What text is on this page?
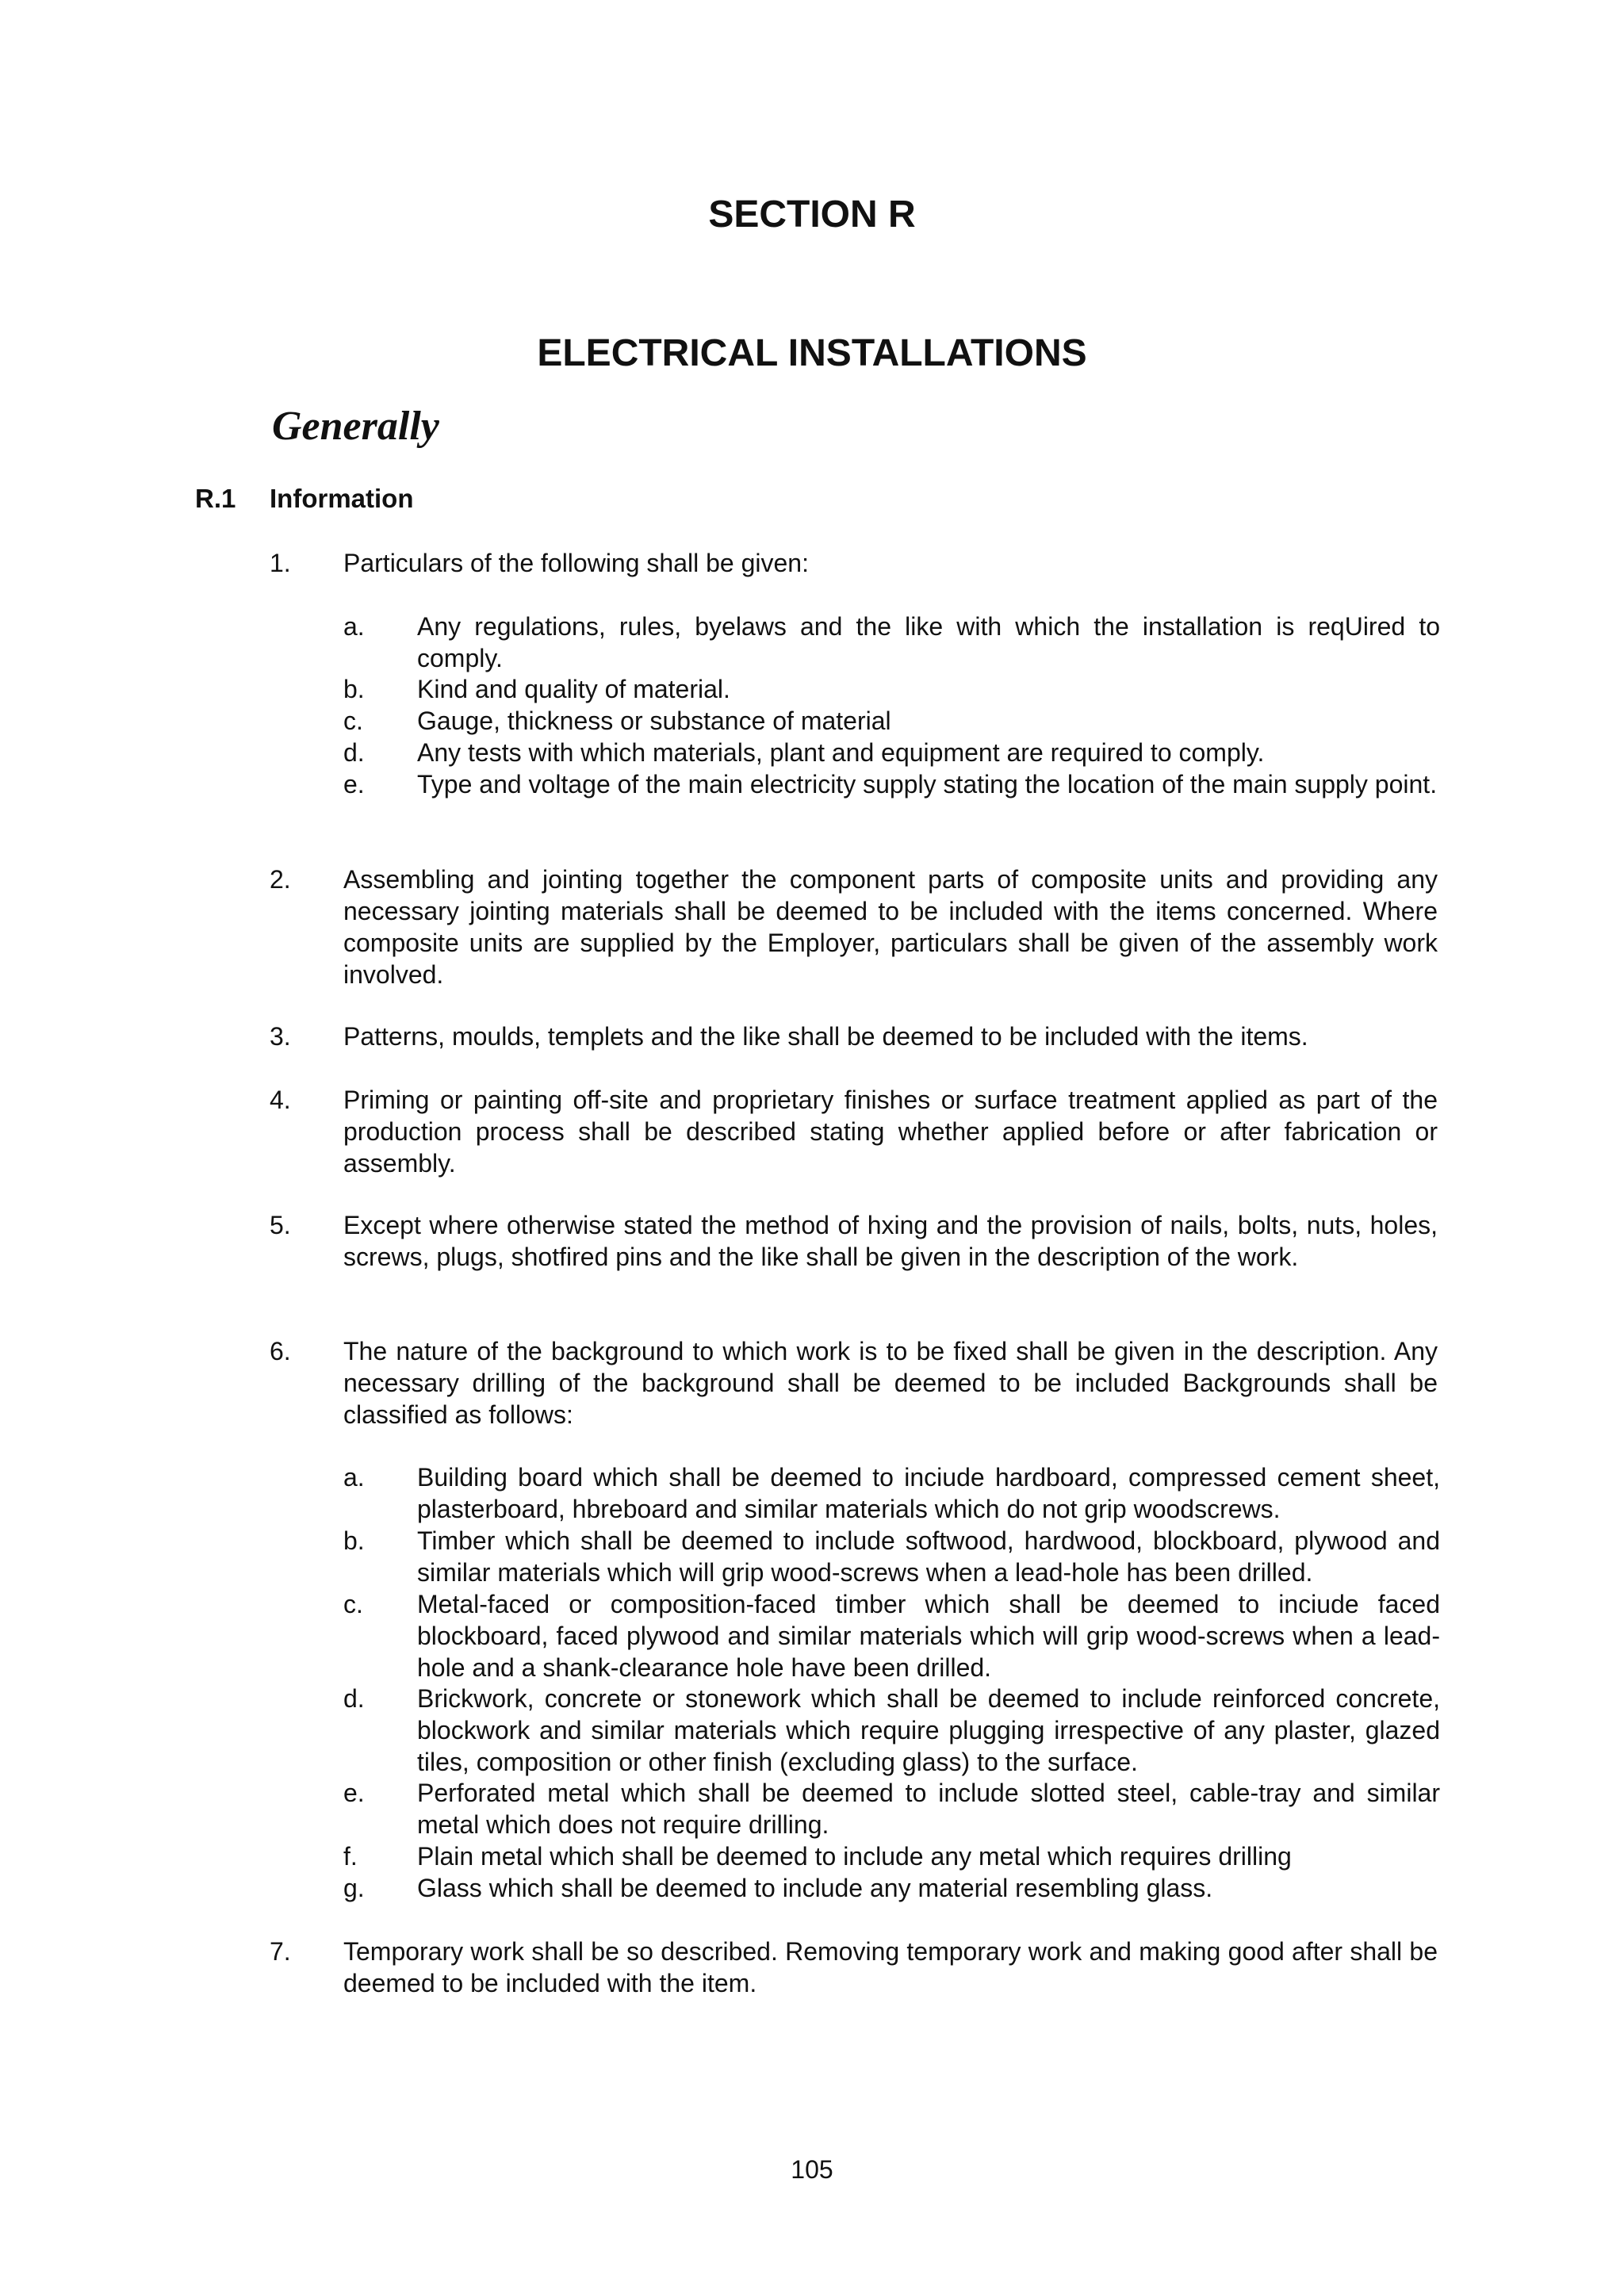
SECTION R
ELECTRICAL INSTALLATIONS
Generally
R.1 Information
1. Particulars of the following shall be given:
a. Any regulations, rules, byelaws and the like with which the installation is reqUired to comply.
b. Kind and quality of material.
c. Gauge, thickness or substance of material
d. Any tests with which materials, plant and equipment are required to comply.
e. Type and voltage of the main electricity supply stating the location of the main supply point.
2. Assembling and jointing together the component parts of composite units and providing any necessary jointing materials shall be deemed to be included with the items concerned. Where composite units are supplied by the Employer, particulars shall be given of the assembly work involved.
3. Patterns, moulds, templets and the like shall be deemed to be included with the items.
4. Priming or painting off-site and proprietary finishes or surface treatment applied as part of the production process shall be described stating whether applied before or after fabrication or assembly.
5. Except where otherwise stated the method of hxing and the provision of nails, bolts, nuts, holes, screws, plugs, shotfired pins and the like shall be given in the description of the work.
6. The nature of the background to which work is to be fixed shall be given in the description. Any necessary drilling of the background shall be deemed to be included Backgrounds shall be classified as follows:
a. Building board which shall be deemed to inciude hardboard, compressed cement sheet, plasterboard, hbreboard and similar materials which do not grip woodscrews.
b. Timber which shall be deemed to include softwood, hardwood, blockboard, plywood and similar materials which will grip wood-screws when a lead-hole has been drilled.
c. Metal-faced or composition-faced timber which shall be deemed to inciude faced blockboard, faced plywood and similar materials which will grip wood-screws when a lead-hole and a shank-clearance hole have been drilled.
d. Brickwork, concrete or stonework which shall be deemed to include reinforced concrete, blockwork and similar materials which require plugging irrespective of any plaster, glazed tiles, composition or other finish (excluding glass) to the surface.
e. Perforated metal which shall be deemed to include slotted steel, cable-tray and similar metal which does not require drilling.
f. Plain metal which shall be deemed to include any metal which requires drilling
g. Glass which shall be deemed to include any material resembling glass.
7. Temporary work shall be so described. Removing temporary work and making good after shall be deemed to be included with the item.
105
